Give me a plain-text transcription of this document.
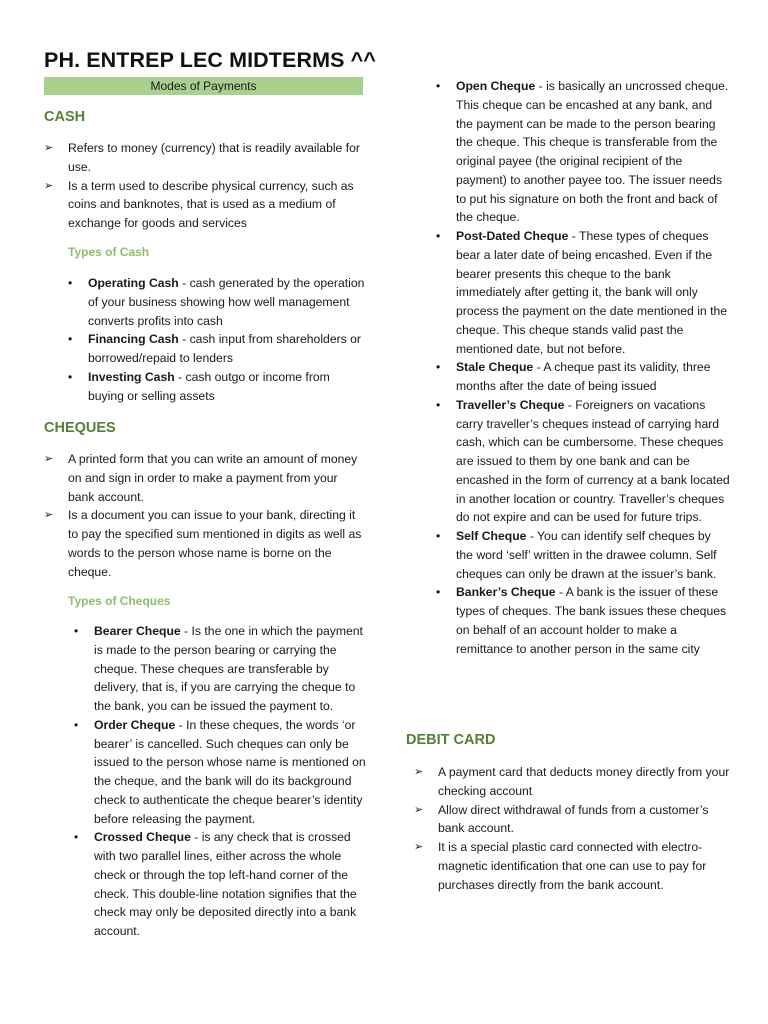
PH. ENTREP LEC MIDTERMS ^^
Modes of Payments
CASH
➢ Refers to money (currency) that is readily available for use.
➢ Is a term used to describe physical currency, such as coins and banknotes, that is used as a medium of exchange for goods and services
Types of Cash
• Operating Cash - cash generated by the operation of your business showing how well management converts profits into cash
• Financing Cash - cash input from shareholders or borrowed/repaid to lenders
• Investing Cash - cash outgo or income from buying or selling assets
CHEQUES
➢ A printed form that you can write an amount of money on and sign in order to make a payment from your bank account.
➢ Is a document you can issue to your bank, directing it to pay the specified sum mentioned in digits as well as words to the person whose name is borne on the cheque.
Types of Cheques
• Bearer Cheque - Is the one in which the payment is made to the person bearing or carrying the cheque. These cheques are transferable by delivery, that is, if you are carrying the cheque to the bank, you can be issued the payment to.
• Order Cheque - In these cheques, the words ‘or bearer’ is cancelled. Such cheques can only be issued to the person whose name is mentioned on the cheque, and the bank will do its background check to authenticate the cheque bearer’s identity before releasing the payment.
• Crossed Cheque - is any check that is crossed with two parallel lines, either across the whole check or through the top left-hand corner of the check. This double-line notation signifies that the check may only be deposited directly into a bank account.
• Open Cheque - is basically an uncrossed cheque. This cheque can be encashed at any bank, and the payment can be made to the person bearing the cheque. This cheque is transferable from the original payee (the original recipient of the payment) to another payee too. The issuer needs to put his signature on both the front and back of the cheque.
• Post-Dated Cheque - These types of cheques bear a later date of being encashed. Even if the bearer presents this cheque to the bank immediately after getting it, the bank will only process the payment on the date mentioned in the cheque. This cheque stands valid past the mentioned date, but not before.
• Stale Cheque - A cheque past its validity, three months after the date of being issued
• Traveller’s Cheque - Foreigners on vacations carry traveller’s cheques instead of carrying hard cash, which can be cumbersome. These cheques are issued to them by one bank and can be encashed in the form of currency at a bank located in another location or country. Traveller’s cheques do not expire and can be used for future trips.
• Self Cheque - You can identify self cheques by the word ‘self’ written in the drawee column. Self cheques can only be drawn at the issuer’s bank.
• Banker’s Cheque - A bank is the issuer of these types of cheques. The bank issues these cheques on behalf of an account holder to make a remittance to another person in the same city
DEBIT CARD
➢ A payment card that deducts money directly from your checking account
➢ Allow direct withdrawal of funds from a customer’s bank account.
➢ It is a special plastic card connected with electro-magnetic identification that one can use to pay for purchases directly from the bank account.
